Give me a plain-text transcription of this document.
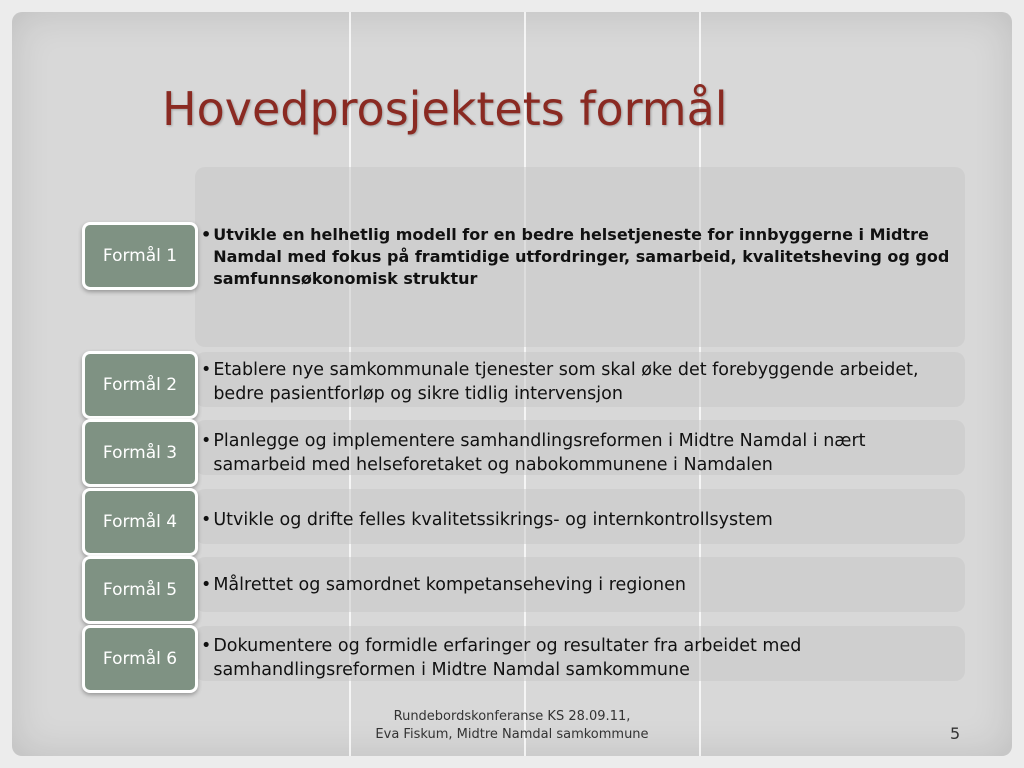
Hovedprosjektets formål
Formål 1
• Utvikle en helhetlig modell for en bedre helsetjeneste for innbyggerne i Midtre Namdal med fokus på framtidige utfordringer, samarbeid, kvalitetsheving og god samfunnsøkonomisk struktur
Formål 2
• Etablere nye samkommunale tjenester som skal øke det forebyggende arbeidet, bedre pasientforløp og sikre tidlig intervensjon
Formål 3
• Planlegge og implementere samhandlingsreformen i Midtre Namdal i nært samarbeid med helseforetaket og nabokommunene i Namdalen
Formål 4	• Utvikle og drifte felles kvalitetssikrings- og internkontrollsystem
Formål 5	• Målrettet og samordnet kompetanseheving i regionen
Formål 6
• Dokumentere og formidle erfaringer og resultater fra arbeidet med samhandlingsreformen i Midtre Namdal samkommune
Rundebordskonferanse KS 28.09.11,
Eva Fiskum, Midtre Namdal samkommune	5
